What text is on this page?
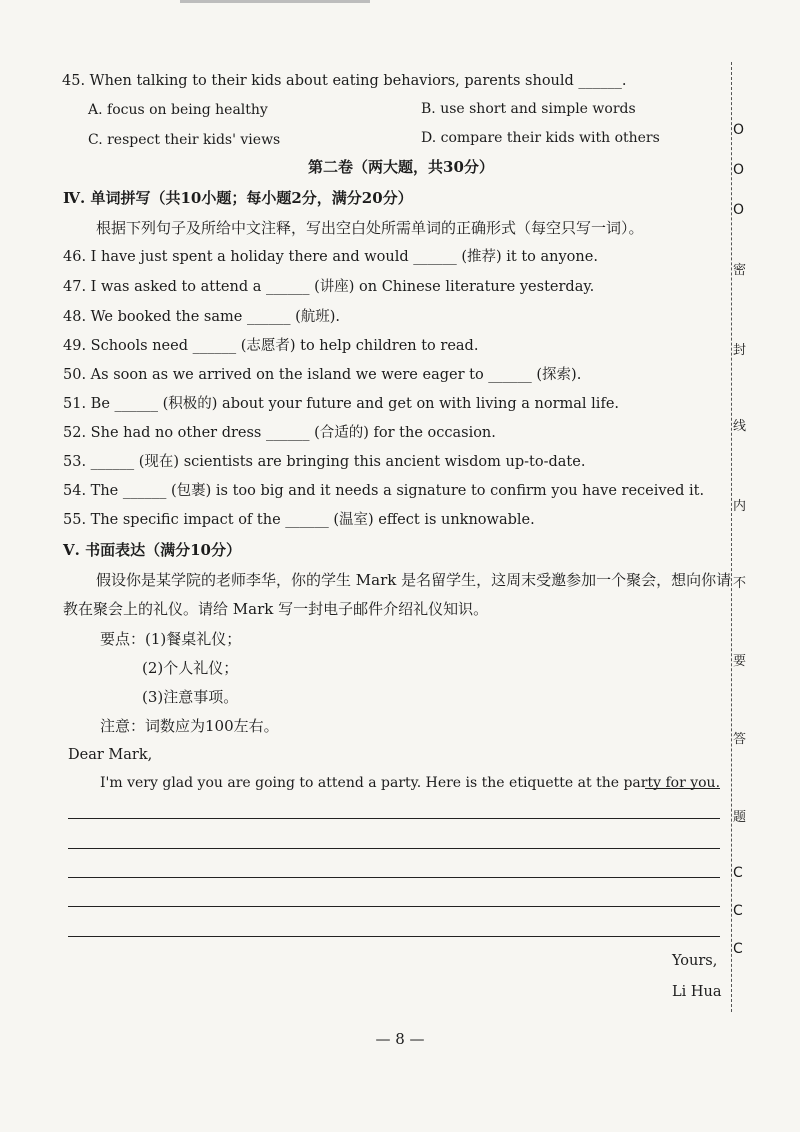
45. When talking to their kids about eating behaviors, parents should ______.
A. focus on being healthy	B. use short and simple words
C. respect their kids' views	D. compare their kids with others
第二卷（两大题，共30分）
Ⅳ. 单词拼写（共10小题；每小题2分，满分20分）
根据下列句子及所给中文注释，写出空白处所需单词的正确形式（每空只写一词）。
46. I have just spent a holiday there and would ______ (推荐) it to anyone.
47. I was asked to attend a ______ (讲座) on Chinese literature yesterday.
48. We booked the same ______ (航班).
49. Schools need ______ (志愿者) to help children to read.
50. As soon as we arrived on the island we were eager to ______ (探索).
51. Be ______ (积极的) about your future and get on with living a normal life.
52. She had no other dress ______ (合适的) for the occasion.
53. ______ (现在) scientists are bringing this ancient wisdom up-to-date.
54. The ______ (包裹) is too big and it needs a signature to confirm you have received it.
55. The specific impact of the ______ (温室) effect is unknowable.
Ⅴ. 书面表达（满分10分）
假设你是某学院的老师李华，你的学生 Mark 是名留学生，这周末受邀参加一个聚会，想向你请
教在聚会上的礼仪。请给 Mark 写一封电子邮件介绍礼仪知识。
要点：(1)餐桌礼仪；
(2)个人礼仪；
(3)注意事项。
注意：词数应为100左右。
Dear Mark,
I'm very glad you are going to attend a party. Here is the etiquette at the party for you.
Yours,
Li Hua
O
O
O
密
封
线
内
不
要
答
题
C
C
C
— 8 —
